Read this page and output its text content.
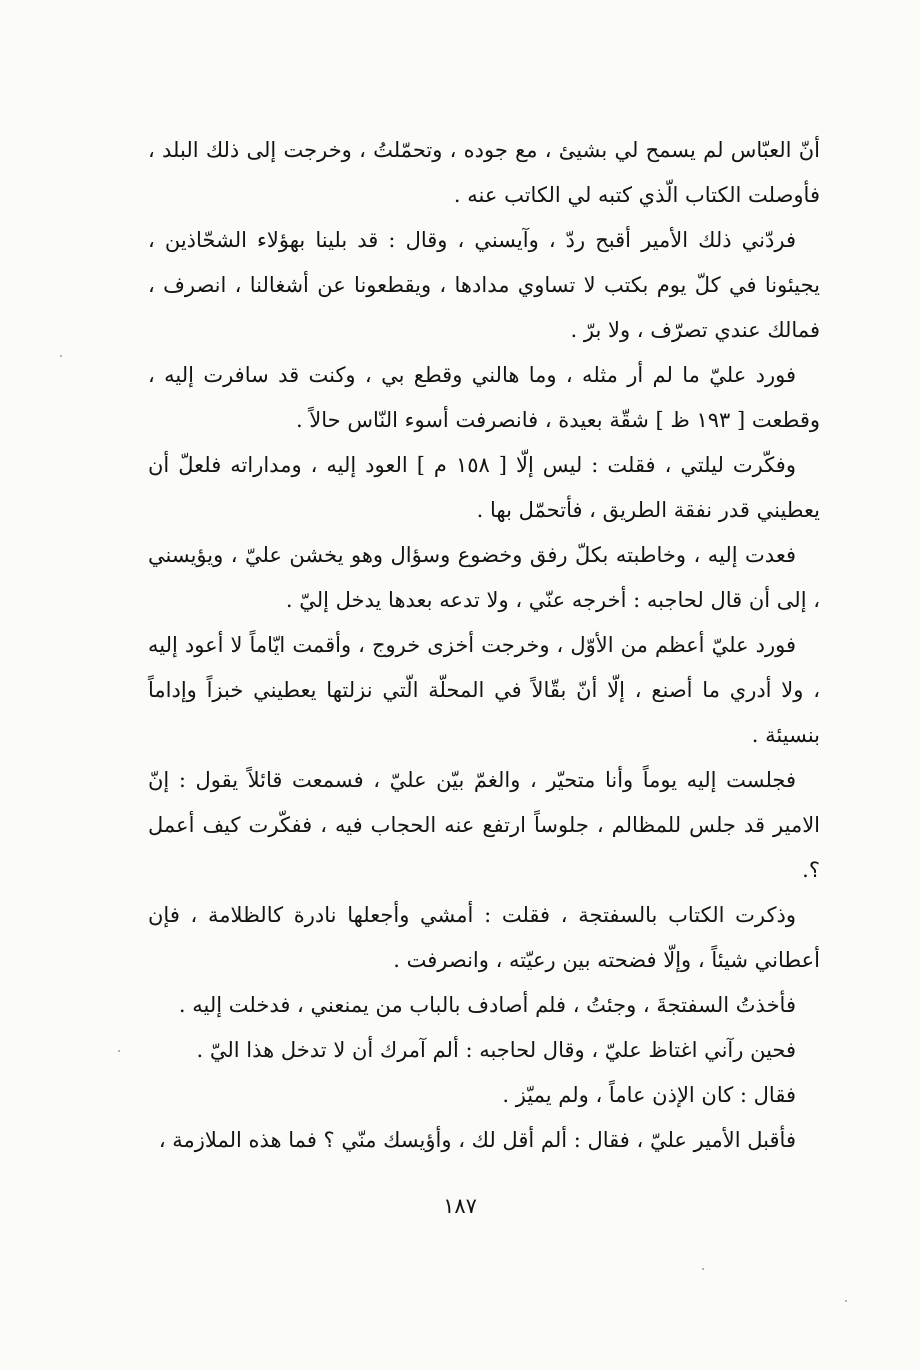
أنّ العبّاس لم يسمح لي بشيئ ، مع جوده ، وتحمّلتُ ، وخرجت إلى ذلك البلد ، فأوصلت الكتاب الّذي كتبه لي الكاتب عنه .

فردّني ذلك الأمير أقبح ردّ ، وآيسني ، وقال : قد بلينا بهؤلاء الشحّاذين ، يجيئونا في كلّ يوم بكتب لا تساوي مدادها ، ويقطعونا عن أشغالنا ، انصرف ، فمالك عندي تصرّف ، ولا برّ .

فورد عليّ ما لم أر مثله ، وما هالني وقطع بي ، وكنت قد سافرت إليه ، وقطعت [ ١٩٣ ظ ] شقّة بعيدة ، فانصرفت أسوء النّاس حالاً .

وفكّرت ليلتي ، فقلت : ليس إلّا [ ١٥٨ م ] العود إليه ، ومداراته فلعلّ أن يعطيني قدر نفقة الطريق ، فأتحمّل بها .

فعدت إليه ، وخاطبته بكلّ رفق وخضوع وسؤال وهو يخشن عليّ ، ويؤيسني ، إلى أن قال لحاجبه : أخرجه عنّي ، ولا تدعه بعدها يدخل إليّ .

فورد عليّ أعظم من الأوّل ، وخرجت أخزى خروج ، وأقمت ايّاماً لا أعود إليه ، ولا أدري ما أصنع ، إلّا أنّ بقّالاً في المحلّة الّتي نزلتها يعطيني خبزاً وإداماً بنسيئة .

فجلست إليه يوماً وأنا متحيّر ، والغمّ بيّن عليّ ، فسمعت قائلاً يقول : إنّ الامير قد جلس للمظالم ، جلوساً ارتفع عنه الحجاب فيه ، ففكّرت كيف أعمل ؟.

وذكرت الكتاب بالسفتجة ، فقلت : أمشي وأجعلها نادرة كالظلامة ، فإن أعطاني شيئاً ، وإلّا فضحته بين رعيّته ، وانصرفت .

فأخذتُ السفتجةَ ، وجئتُ ، فلم أصادف بالباب من يمنعني ، فدخلت إليه .

فحين رآني اغتاظ عليّ ، وقال لحاجبه : ألم آمرك أن لا تدخل هذا اليّ .

فقال : كان الإذن عاماً ، ولم يميّز .

فأقبل الأمير عليّ ، فقال : ألم أقل لك ، وأؤيسك منّي ؟ فما هذه الملازمة ،

١٨٧
